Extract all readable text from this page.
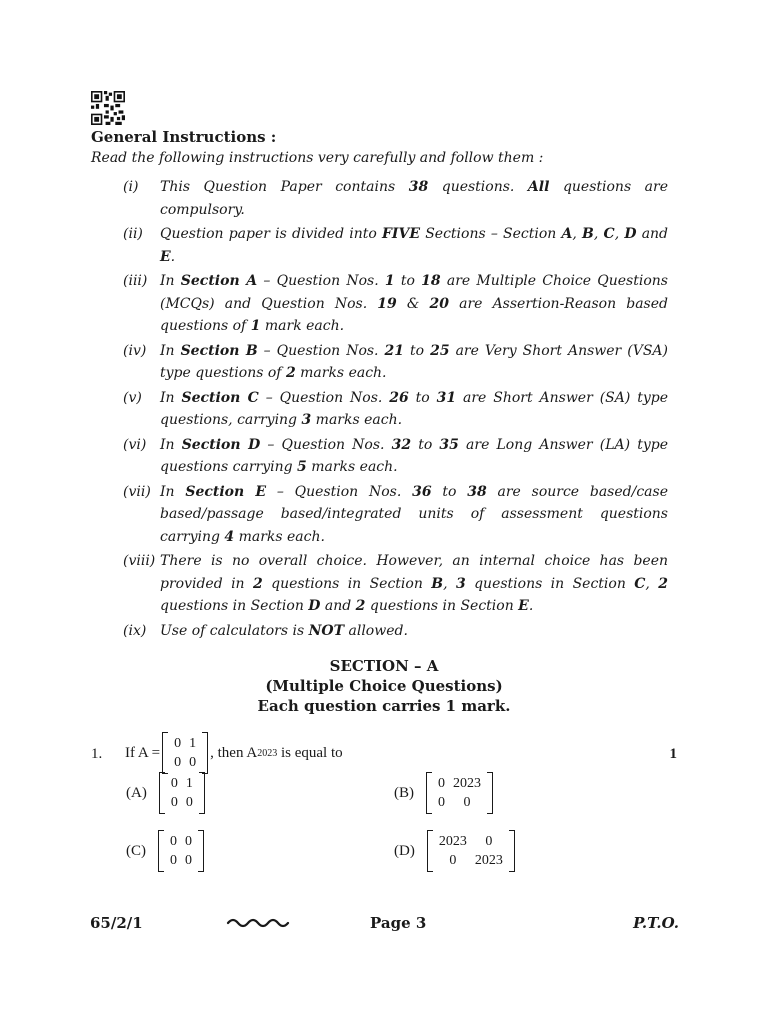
General Instructions :
Read the following instructions very carefully and follow them :
(i)	This Question Paper contains 38 questions. All questions are compulsory.
(ii)	Question paper is divided into FIVE Sections – Section A, B, C, D and E.
(iii) In Section A – Question Nos. 1 to 18 are Multiple Choice Questions (MCQs) and Question Nos. 19 & 20 are Assertion-Reason based questions of 1 mark each.
(iv) In Section B – Question Nos. 21 to 25 are Very Short Answer (VSA) type questions of 2 marks each.
(v)	In Section C – Question Nos. 26 to 31 are Short Answer (SA) type questions, carrying 3 marks each.
(vi) In Section D – Question Nos. 32 to 35 are Long Answer (LA) type questions carrying 5 marks each.
(vii) In Section E – Question Nos. 36 to 38 are source based/case based/passage based/integrated units of assessment questions carrying 4 marks each.
(viii) There is no overall choice. However, an internal choice has been provided in 2 questions in Section B, 3 questions in Section C, 2 questions in Section D and 2 questions in Section E.
(ix) Use of calculators is NOT allowed.
SECTION – A
(Multiple Choice Questions)
Each question carries 1 mark.
1. If A =
0	1
0	0
, then A 2023
is equal to	1
(A)
0	1
0	0
(B)
0	2023
0	0
(C)
0	0
0	0
(D)
2023	0
0	2023
65/2/1	Page 3	P.T.O.
